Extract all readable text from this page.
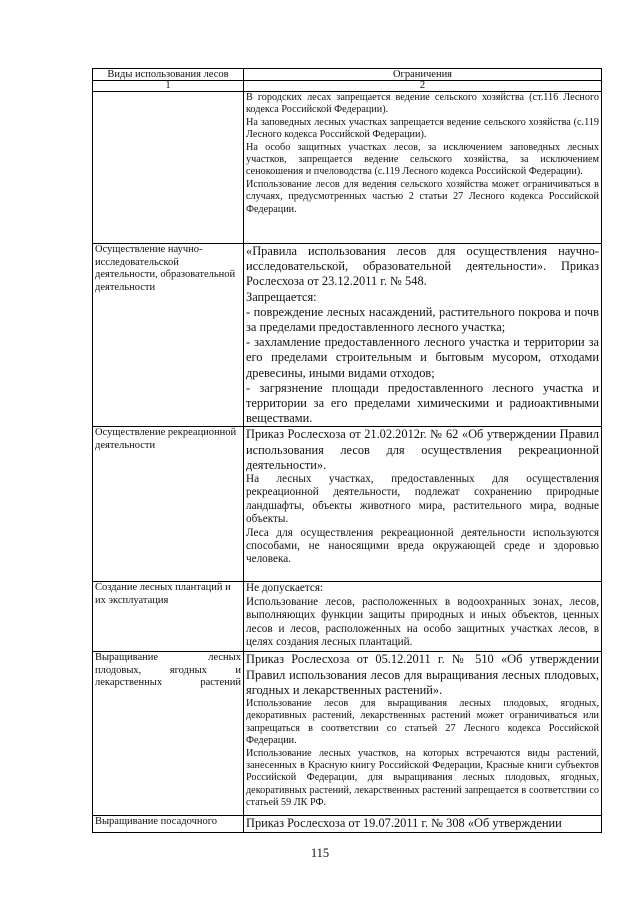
Виды использования лесов	Ограничения
1	2

	В городских лесах запрещается ведение сельского хозяйства (ст.116 Лесного кодекса Российской Федерации).

На заповедных лесных участках запрещается ведение сельского хозяйства (с.119 Лесного кодекса Российской Федерации).

На особо защитных участках лесов, за исключением заповедных лесных участков, запрещается ведение сельского хозяйства, за исключением сенокошения и пчеловодства (с.119 Лесного кодекса Российской Федерации).

Использование лесов для ведения сельского хозяйства может ограничиваться в случаях, предусмотренных частью 2 статьи 27 Лесного кодекса Российской Федерации.

Осуществление научно-исследовательской деятельности, образовательной деятельности	«Правила использования лесов для осуществления научно-исследовательской, образовательной деятельности». Приказ Рослесхоза от 23.12.2011 г. № 548.

Запрещается:

- повреждение лесных насаждений, растительного покрова и почв за пределами предоставленного лесного участка;

- захламление предоставленного лесного участка и территории за его пределами строительным и бытовым мусором, отходами древесины, иными видами отходов;

- загрязнение площади предоставленного лесного участка и территории за его пределами химическими и радиоактивными веществами.

Осуществление рекреационной деятельности	Приказ Рослесхоза от 21.02.2012г. № 62 «Об утверждении Правил использования лесов для осуществления рекреационной деятельности».

На лесных участках, предоставленных для осуществления рекреационной деятельности, подлежат сохранению природные ландшафты, объекты животного мира, растительного мира, водные объекты.

Леса для осуществления рекреационной деятельности используются способами, не наносящими вреда окружающей среде и здоровью человека.

Создание лесных плантаций и их эксплуатация	Не допускается:

Использование лесов, расположенных в водоохранных зонах, лесов, выполняющих функции защиты природных и иных объектов, ценных лесов и лесов, расположенных на особо защитных участках лесов, в целях создания лесных плантаций.

Выращивание лесных плодовых, ягодных и лекарственных растений	Приказ Рослесхоза от 05.12.2011 г. № 510 «Об утверждении Правил использования лесов для выращивания лесных плодовых, ягодных и лекарственных растений».

Использование лесов для выращивания лесных плодовых, ягодных, декоративных растений, лекарственных растений может ограничиваться или запрещаться в соответствии со статьей 27 Лесного кодекса Российской Федерации.

Использование лесных участков, на которых встречаются виды растений, занесенных в Красную книгу Российской Федерации, Красные книги субъектов Российской Федерации, для выращивания лесных плодовых, ягодных, декоративных растений, лекарственных растений запрещается в соответствии со статьей 59 ЛК РФ.

Выращивание посадочного	Приказ Рослесхоза от 19.07.2011 г. № 308 «Об утверждении

115
